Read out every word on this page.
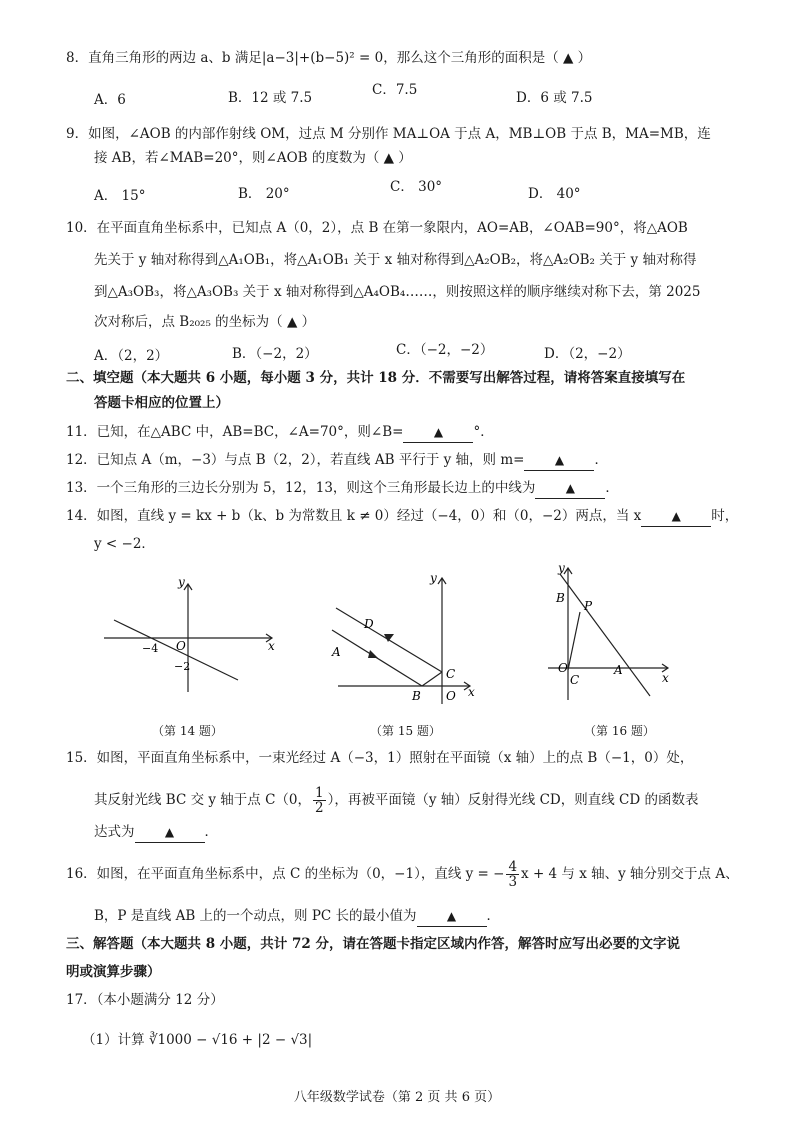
8．直角三角形的两边 a、b 满足|a−3|+(b−5)² = 0，那么这个三角形的面积是（ ▲ ）
A．6	B．12 或 7.5	C．7.5	D．6 或 7.5
9．如图，∠AOB 的内部作射线 OM，过点 M 分别作 MA⊥OA 于点 A，MB⊥OB 于点 B，MA=MB，连
接 AB，若∠MAB=20°，则∠AOB 的度数为（ ▲ ）
A． 15°	B． 20°	C． 30°	D． 40°
10．在平面直角坐标系中，已知点 A（0，2），点 B 在第一象限内，AO=AB，∠OAB=90°，将△AOB
先关于 y 轴对称得到△A₁OB₁，将△A₁OB₁ 关于 x 轴对称得到△A₂OB₂，将△A₂OB₂ 关于 y 轴对称得
到△A₃OB₃，将△A₃OB₃ 关于 x 轴对称得到△A₄OB₄……，则按照这样的顺序继续对称下去，第 2025
次对称后，点 B₂₀₂₅ 的坐标为（ ▲ ）
A．（2，2）	B．（−2，2）	C．（−2，−2）	D．（2，−2）
二、填空题（本大题共 6 小题，每小题 3 分，共计 18 分．不需要写出解答过程，请将答案直接填写在
答题卡相应的位置上）
11．已知，在△ABC 中，AB=BC，∠A=70°，则∠B=	▲ °．
12．已知点 A（m，−3）与点 B（2，2），若直线 AB 平行于 y 轴，则 m=	▲ ．
13．一个三角形的三边长分别为 5，12，13，则这个三角形最长边上的中线为	▲ ．
14．如图，直线 y = kx + b（k、b 为常数且 k ≠ 0）经过（−4，0）和（0，−2）两点，当 x	▲ 时，
y < −2．
x
y
O
−4
−2
（第 14 题）
x
y
O
A
B
C
D
（第 15 题）
y
x
O	A
B
C
P
（第 16 题）
15．如图，平面直角坐标系中，一束光经过 A（−3，1）照射在平面镜（x 轴）上的点 B（−1，0）处，
其反射光线 BC 交 y 轴于点 C（0， $\frac{1}{2}$ ），再被平面镜（y 轴）反射得光线 CD，则直线 CD 的函数表
达式为	▲ ．
16．如图，在平面直角坐标系中，点 C 的坐标为（0，−1），直线 y = − $\frac{4}{3}$ x + 4 与 x 轴、y 轴分别交于点 A、
B，P 是直线 AB 上的一个动点，则 PC 长的最小值为	▲ ．
三、解答题（本大题共 8 小题，共计 72 分，请在答题卡指定区域内作答，解答时应写出必要的文字说
明或演算步骤）
17．（本小题满分 12 分）
（1）计算 ∛1000 − √16 + |2 − √3|
八年级数学试卷（第 2 页 共 6 页）
